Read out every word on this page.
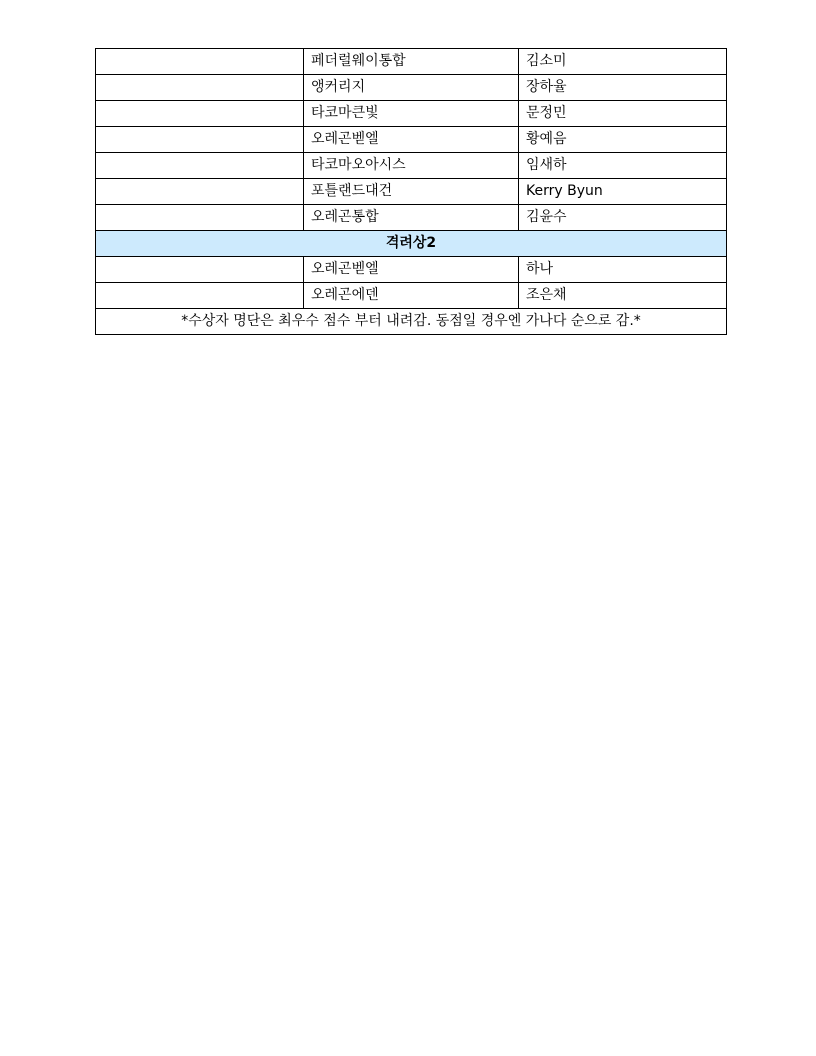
	페더럴웨이통합	김소미
	앵커리지	장하율
	타코마큰빛	문정민
	오레곤벧엘	황예음
	타코마오아시스	임새하
	포틀랜드대건	Kerry Byun
	오레곤통합	김윤수
격려상2		
	오레곤벧엘	하나
	오레곤에덴	조은채
*수상자 명단은 최우수 점수 부터 내려감. 동점일 경우엔 가나다 순으로 감.*		
